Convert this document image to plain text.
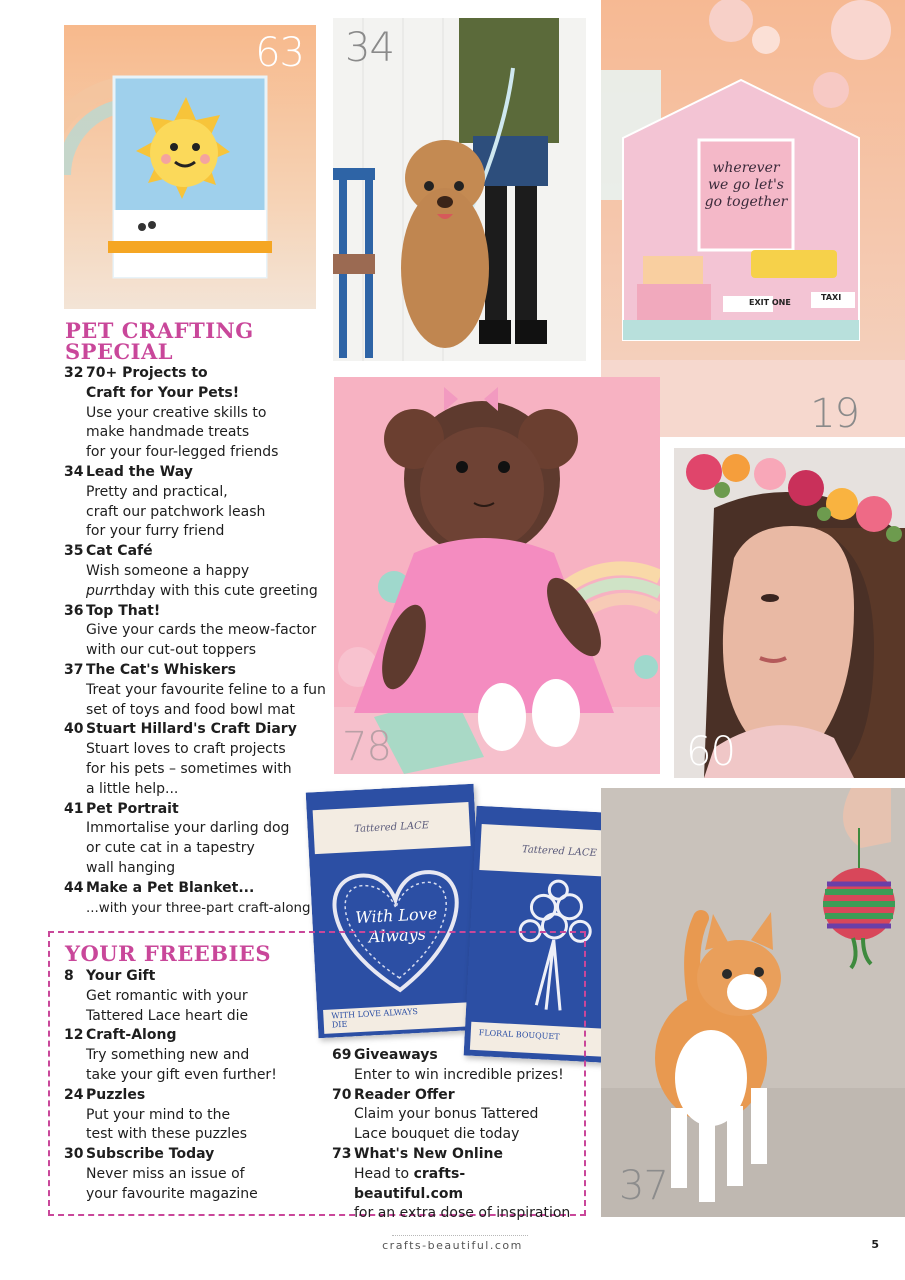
63 34
wherever we go let's go together
TAXI
EXIT ONE
19
78	60
Tattered LACE
With Love Always
WITH LOVE ALWAYS DIE
Tattered LACE
FLORAL BOUQUET
37
PET CRAFTING
SPECIAL
32 70+ Projects to
Craft for Your Pets!
Use your creative skills to
make handmade treats
for your four-legged friends
34 Lead the Way
Pretty and practical,
craft our patchwork leash
for your furry friend
35 Cat Café
Wish someone a happy
purrthday with this cute greeting
36 Top That!
Give your cards the meow-factor
with our cut-out toppers
37 The Cat's Whiskers
Treat your favourite feline to a fun
set of toys and food bowl mat
40 Stuart Hillard's Craft Diary
Stuart loves to craft projects
for his pets – sometimes with
a little help...
41 Pet Portrait
Immortalise your darling dog
or cute cat in a tapestry
wall hanging
44 Make a Pet Blanket...
...with your three-part craft-along
YOUR FREEBIES
8 Your Gift
Get romantic with your
Tattered Lace heart die
12 Craft-Along
Try something new and
take your gift even further!
24 Puzzles
Put your mind to the
test with these puzzles
30 Subscribe Today
Never miss an issue of
your favourite magazine
69 Giveaways
Enter to win incredible prizes!
70 Reader Offer
Claim your bonus Tattered
Lace bouquet die today
73 What's New Online
Head to crafts-beautiful.com
for an extra dose of inspiration
crafts-beautiful.com	5
